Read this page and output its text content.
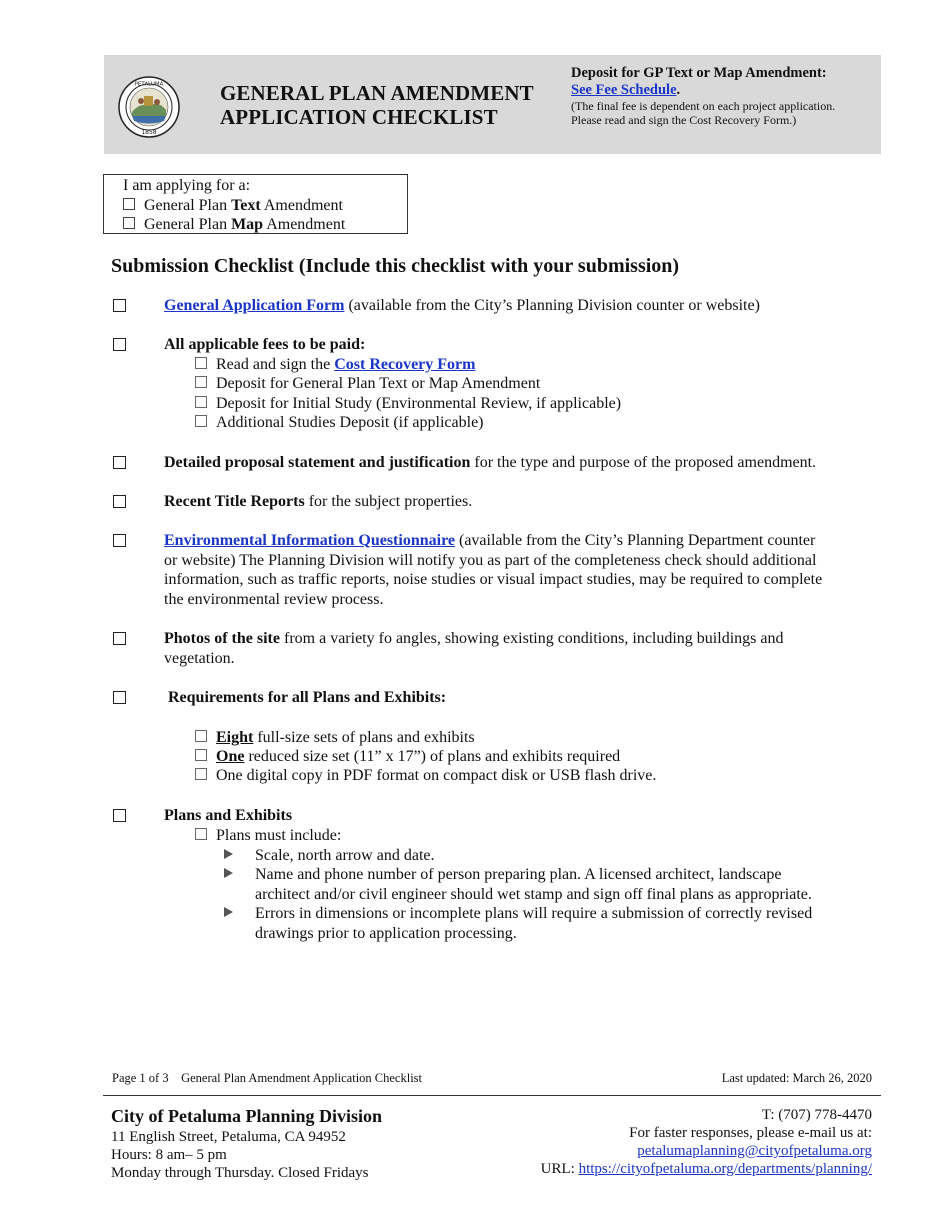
PETALUMA
1858
GENERAL PLAN AMENDMENT
APPLICATION CHECKLIST
Deposit for GP Text or Map Amendment:
See Fee Schedule.
(The final fee is dependent on each project application.
Please read and sign the Cost Recovery Form.)
I am applying for a:
General Plan Text Amendment
General Plan Map Amendment
Submission Checklist (Include this checklist with your submission)
General Application Form (available from the City’s Planning Division counter or website)
All applicable fees to be paid:
Read and sign the Cost Recovery Form
Deposit for General Plan Text or Map Amendment
Deposit for Initial Study (Environmental Review, if applicable)
Additional Studies Deposit (if applicable)
Detailed proposal statement and justification for the type and purpose of the proposed amendment.
Recent Title Reports for the subject properties.
Environmental Information Questionnaire (available from the City’s Planning Department counter
or website) The Planning Division will notify you as part of the completeness check should additional
information, such as traffic reports, noise studies or visual impact studies, may be required to complete
the environmental review process.
Photos of the site from a variety fo angles, showing existing conditions, including buildings and
vegetation.
Requirements for all Plans and Exhibits:
Eight full-size sets of plans and exhibits
One reduced size set (11” x 17”) of plans and exhibits required
One digital copy in PDF format on compact disk or USB flash drive.
Plans and Exhibits
Plans must include:
Scale, north arrow and date.
Name and phone number of person preparing plan. A licensed architect, landscape
architect and/or civil engineer should wet stamp and sign off final plans as appropriate.
Errors in dimensions or incomplete plans will require a submission of correctly revised
drawings prior to application processing.
Page 1 of 3 General Plan Amendment Application Checklist	Last updated: March 26, 2020
City of Petaluma Planning Division
11 English Street, Petaluma, CA 94952
Hours: 8 am– 5 pm
Monday through Thursday. Closed Fridays
T: (707) 778-4470
For faster responses, please e-mail us at:
petalumaplanning@cityofpetaluma.org
URL: https://cityofpetaluma.org/departments/planning/
